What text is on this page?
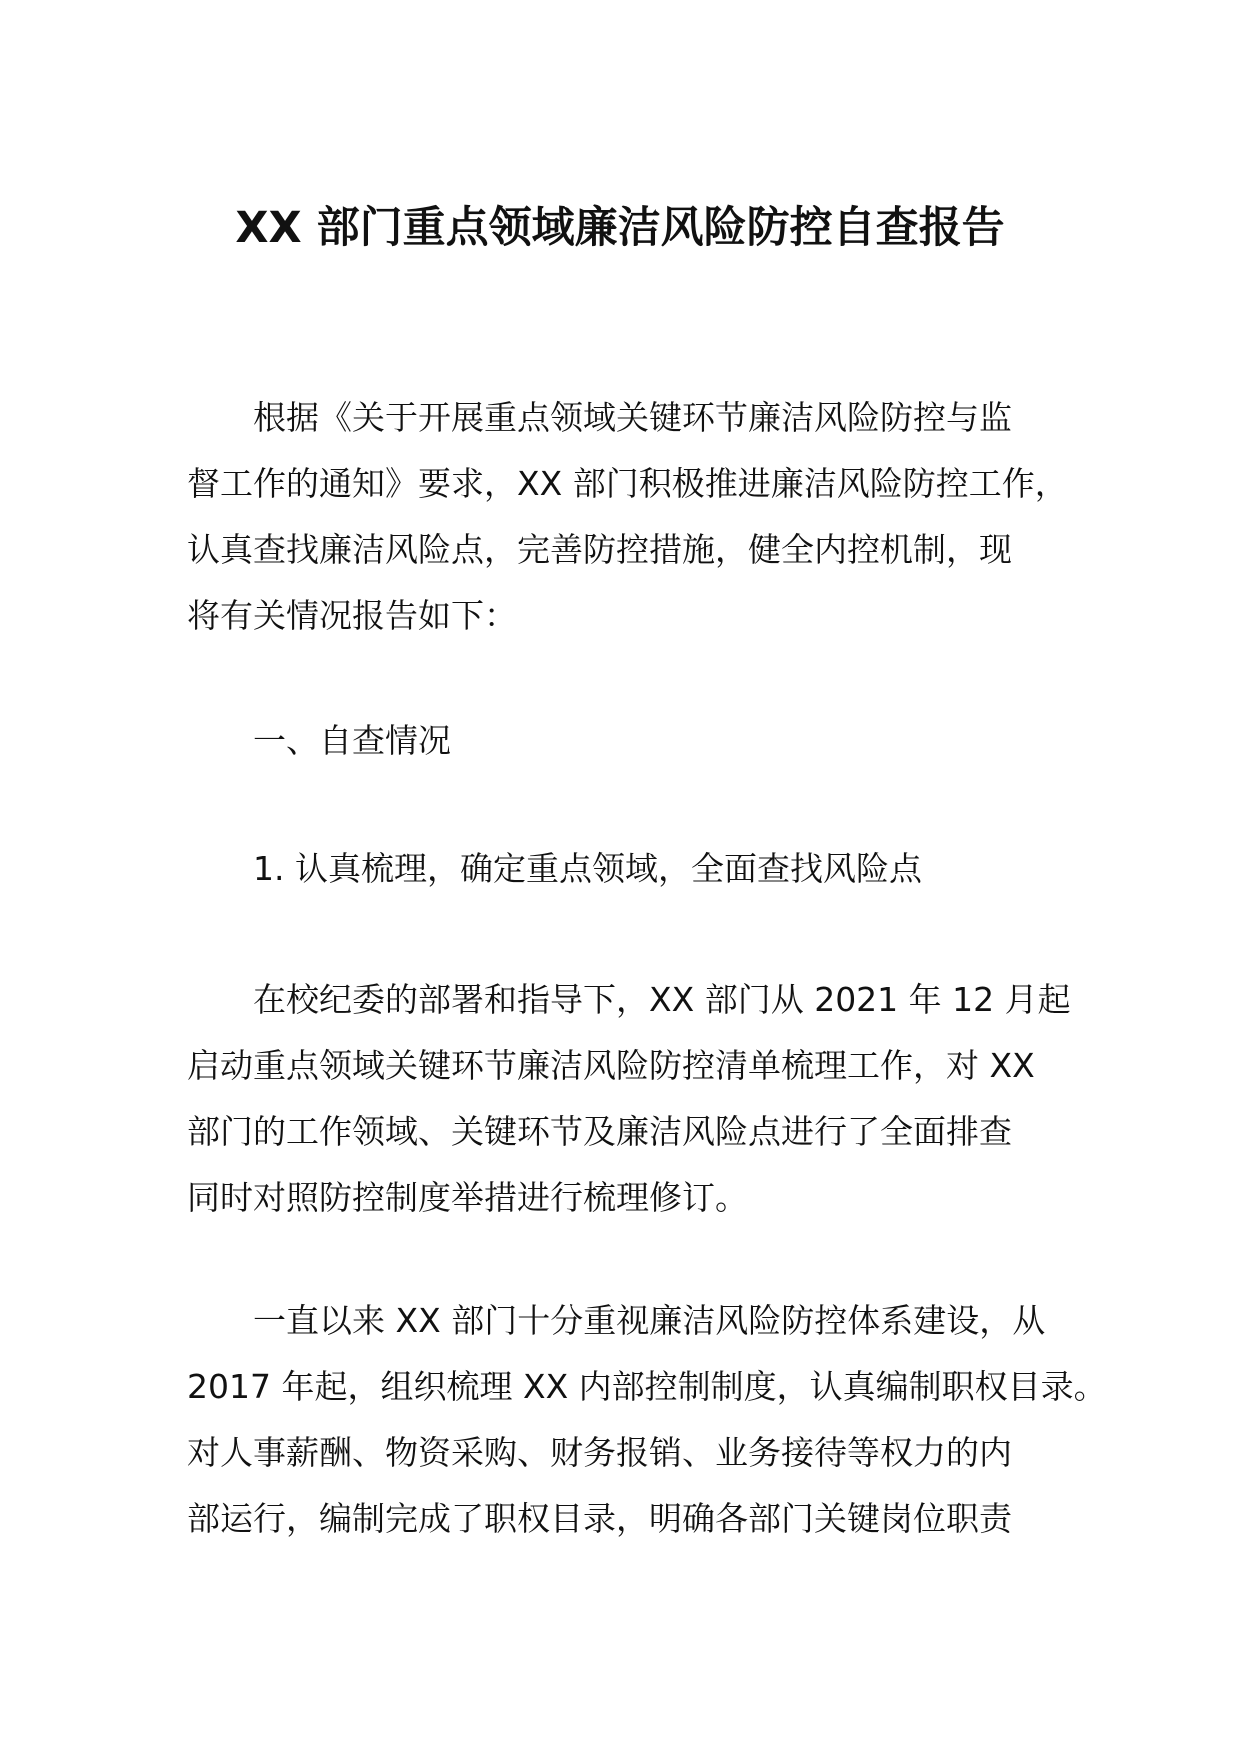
XX 部门重点领域廉洁风险防控自查报告

　　根据《关于开展重点领域关键环节廉洁风险防控与监
督工作的通知》要求，XX 部门积极推进廉洁风险防控工作，
认真查找廉洁风险点，完善防控措施，健全内控机制，现
将有关情况报告如下：

　　一、自查情况

　　1. 认真梳理，确定重点领域，全面查找风险点

　　在校纪委的部署和指导下，XX 部门从 2021 年 12 月起
启动重点领域关键环节廉洁风险防控清单梳理工作，对 XX
部门的工作领域、关键环节及廉洁风险点进行了全面排查
同时对照防控制度举措进行梳理修订。

　　一直以来 XX 部门十分重视廉洁风险防控体系建设，从
2017 年起，组织梳理 XX 内部控制制度，认真编制职权目录。
对人事薪酬、物资采购、财务报销、业务接待等权力的内
部运行，编制完成了职权目录，明确各部门关键岗位职责
